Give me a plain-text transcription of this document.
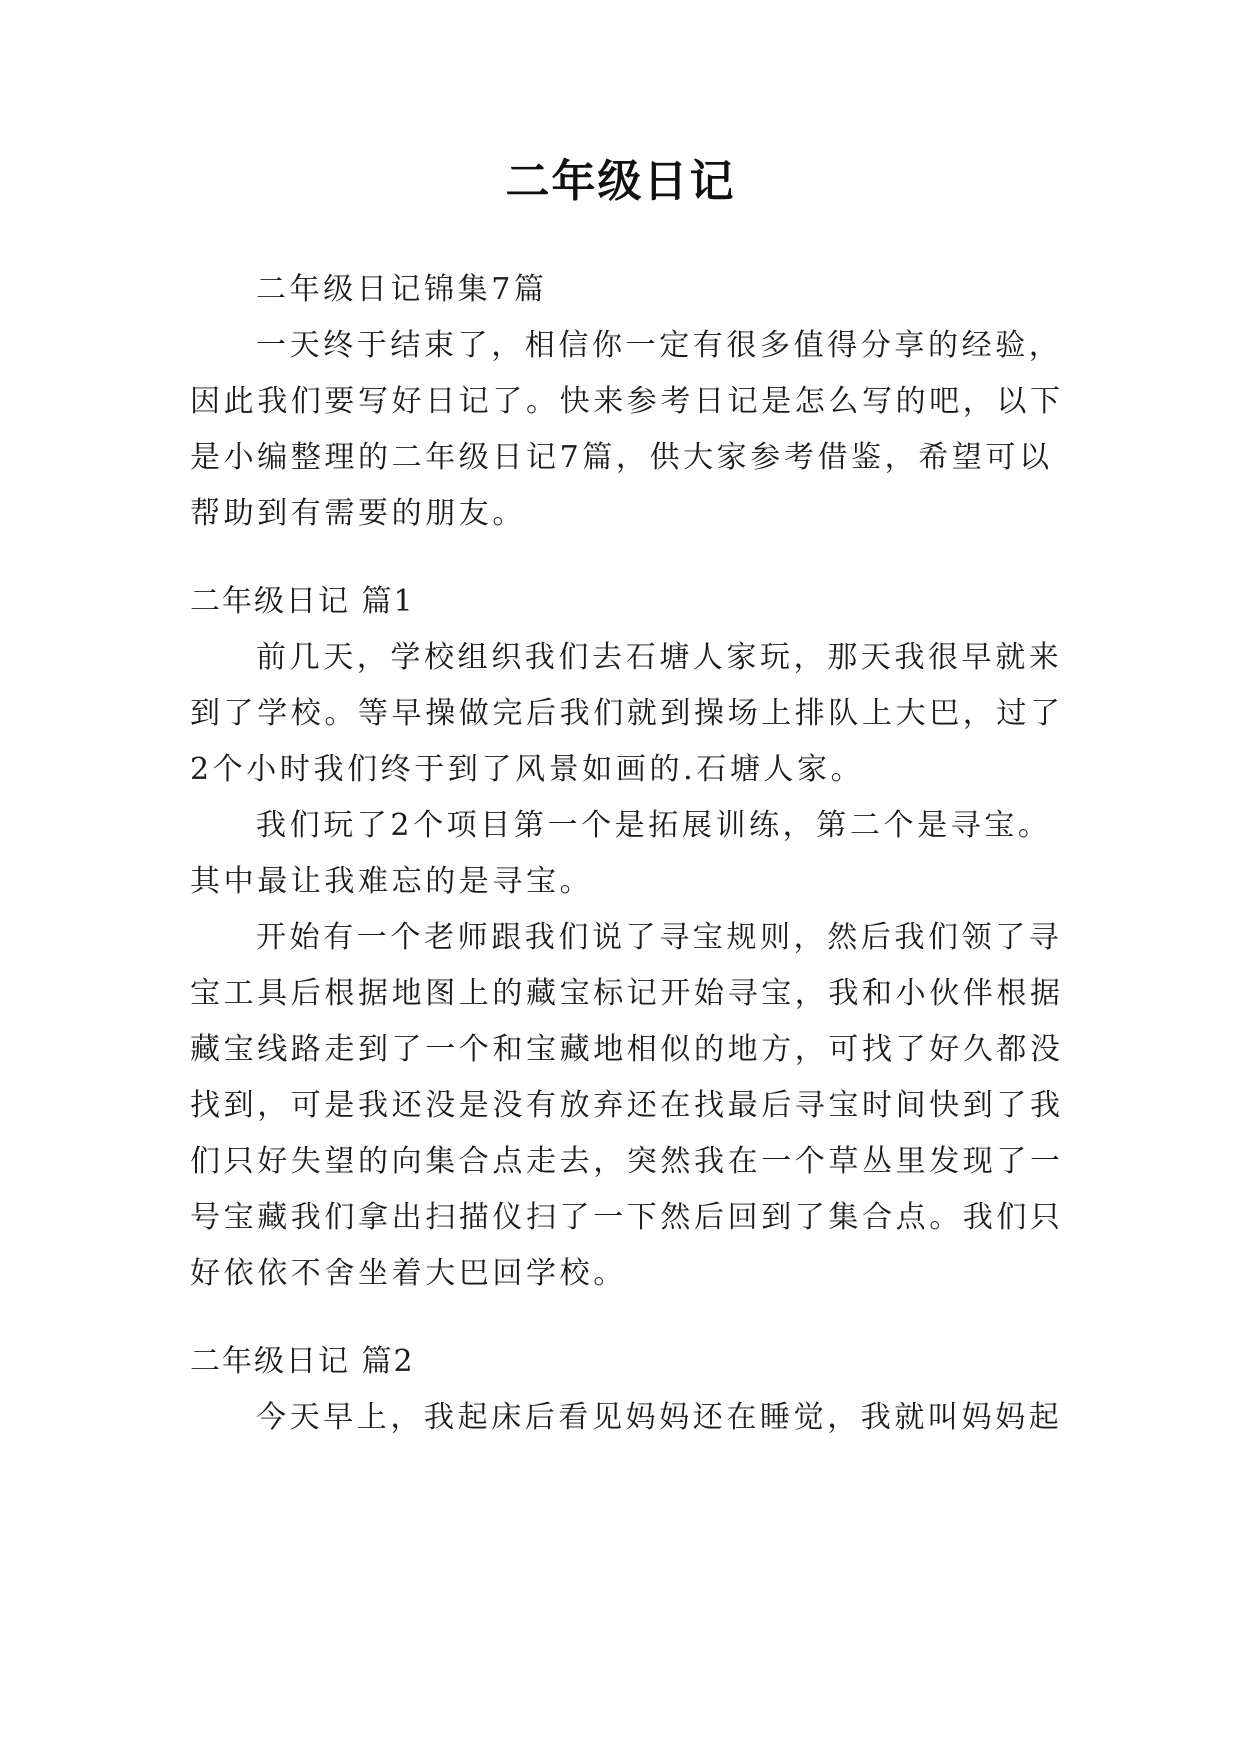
二年级日记

二年级日记锦集7篇

一天终于结束了，相信你一定有很多值得分享的经验，因此我们要写好日记了。快来参考日记是怎么写的吧，以下是小编整理的二年级日记7篇，供大家参考借鉴，希望可以帮助到有需要的朋友。

二年级日记 篇1

前几天，学校组织我们去石塘人家玩，那天我很早就来到了学校。等早操做完后我们就到操场上排队上大巴，过了2个小时我们终于到了风景如画的.石塘人家。

我们玩了2个项目第一个是拓展训练，第二个是寻宝。其中最让我难忘的是寻宝。

开始有一个老师跟我们说了寻宝规则，然后我们领了寻宝工具后根据地图上的藏宝标记开始寻宝，我和小伙伴根据藏宝线路走到了一个和宝藏地相似的地方，可找了好久都没找到，可是我还没是没有放弃还在找最后寻宝时间快到了我们只好失望的向集合点走去，突然我在一个草丛里发现了一号宝藏我们拿出扫描仪扫了一下然后回到了集合点。我们只好依依不舍坐着大巴回学校。

二年级日记 篇2

今天早上，我起床后看见妈妈还在睡觉，我就叫妈妈起
